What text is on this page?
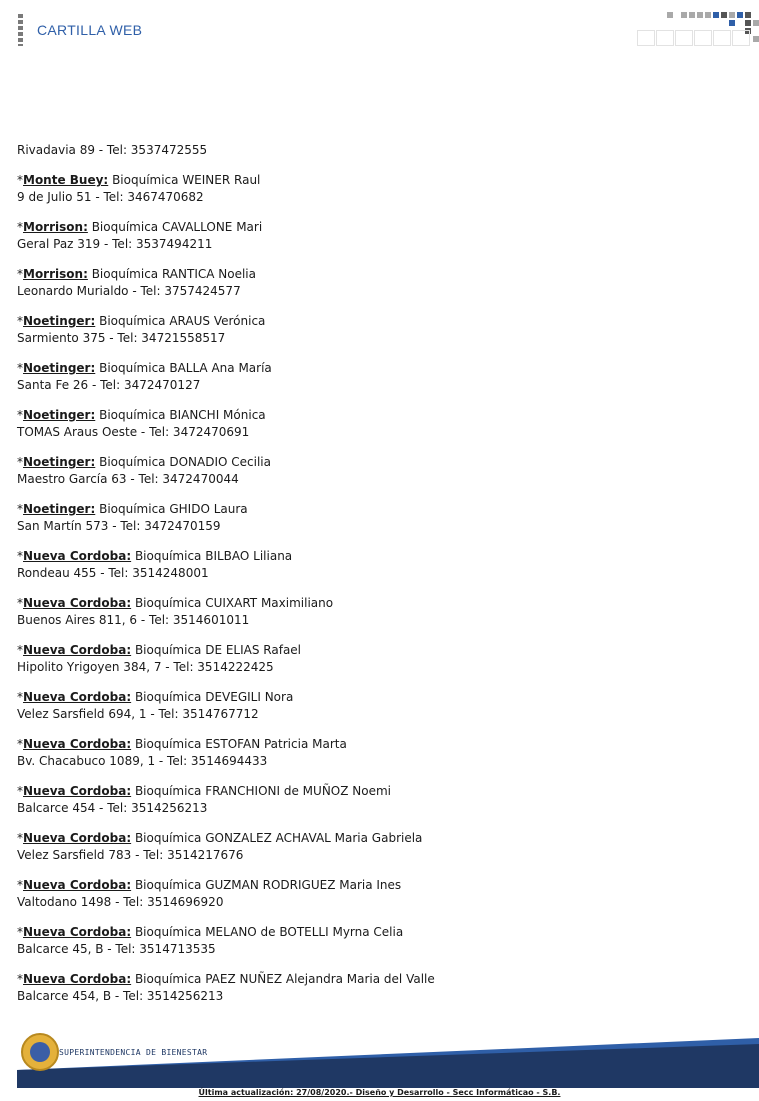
CARTILLA WEB
Rivadavia 89 - Tel: 3537472555
*Monte Buey: Bioquímica WEINER Raul
9 de Julio 51 - Tel: 3467470682
*Morrison: Bioquímica CAVALLONE Mari
Geral Paz 319 - Tel: 3537494211
*Morrison: Bioquímica RANTICA Noelia
Leonardo Murialdo - Tel: 3757424577
*Noetinger: Bioquímica ARAUS Verónica
Sarmiento 375 - Tel: 34721558517
*Noetinger: Bioquímica BALLA Ana María
Santa Fe 26 - Tel: 3472470127
*Noetinger: Bioquímica BIANCHI Mónica
TOMAS Araus Oeste - Tel: 3472470691
*Noetinger: Bioquímica DONADIO Cecilia
Maestro García 63 - Tel: 3472470044
*Noetinger: Bioquímica GHIDO Laura
San Martín 573 - Tel: 3472470159
*Nueva Cordoba: Bioquímica BILBAO Liliana
Rondeau 455 - Tel: 3514248001
*Nueva Cordoba: Bioquímica CUIXART Maximiliano
Buenos Aires 811, 6 - Tel: 3514601011
*Nueva Cordoba: Bioquímica DE ELIAS Rafael
Hipolito Yrigoyen 384, 7 - Tel: 3514222425
*Nueva Cordoba: Bioquímica DEVEGILI Nora
Velez Sarsfield 694, 1 - Tel: 3514767712
*Nueva Cordoba: Bioquímica ESTOFAN Patricia Marta
Bv. Chacabuco 1089, 1 - Tel: 3514694433
*Nueva Cordoba: Bioquímica FRANCHIONI de MUÑOZ Noemi
Balcarce 454 - Tel: 3514256213
*Nueva Cordoba: Bioquímica GONZALEZ ACHAVAL Maria Gabriela
Velez Sarsfield 783 - Tel: 3514217676
*Nueva Cordoba: Bioquímica GUZMAN RODRIGUEZ Maria Ines
Valtodano 1498 - Tel: 3514696920
*Nueva Cordoba: Bioquímica MELANO de BOTELLI Myrna Celia
Balcarce 45, B - Tel: 3514713535
*Nueva Cordoba: Bioquímica PAEZ NUÑEZ Alejandra Maria del Valle
Balcarce 454, B - Tel: 3514256213
SUPERINTENDENCIA DE BIENESTAR
Última actualización: 27/08/2020.- Diseño y Desarrollo - Secc Informáticao - S.B.
